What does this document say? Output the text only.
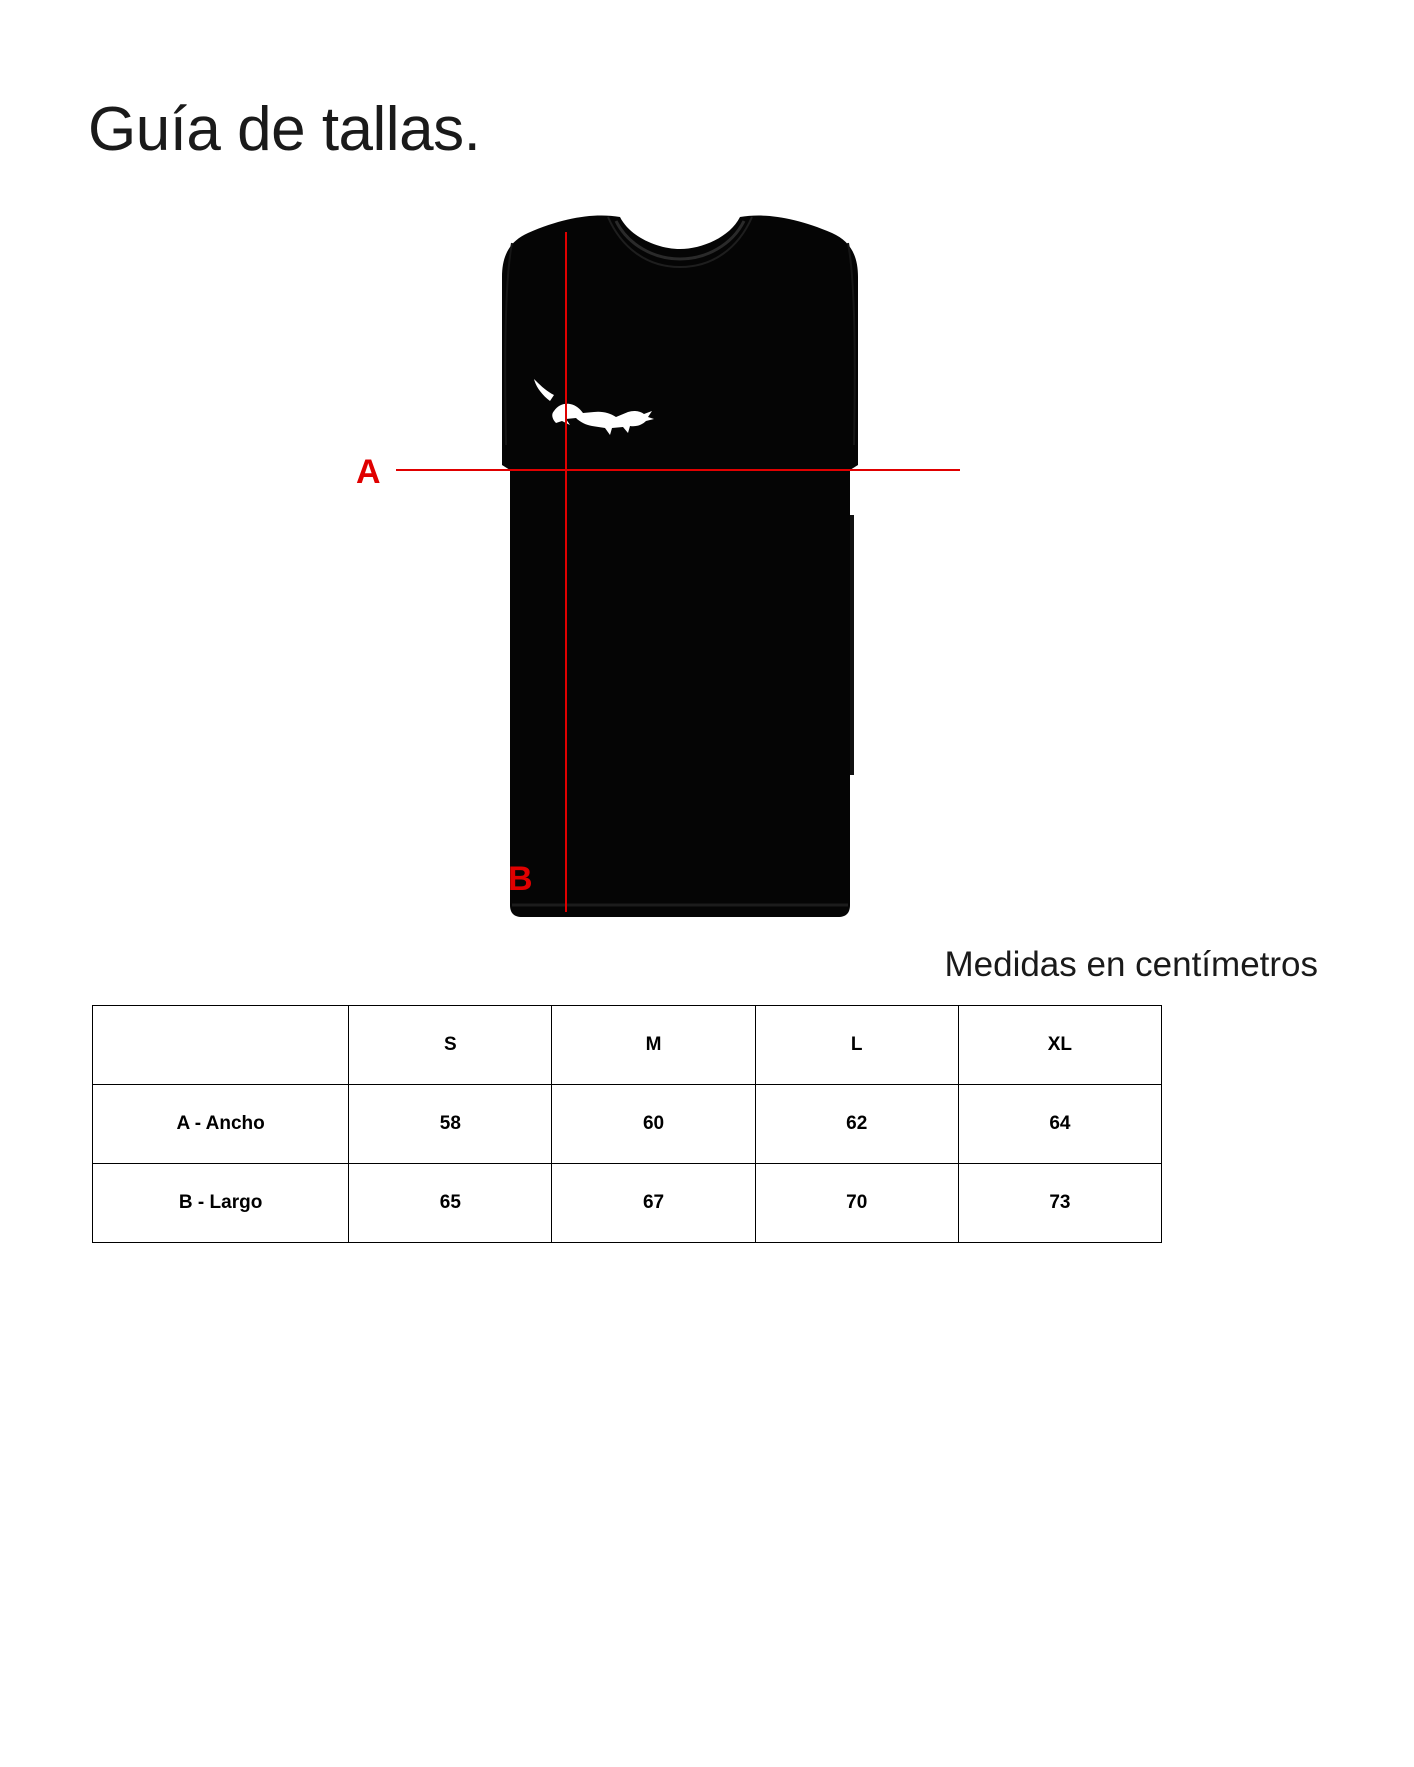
Guía de tallas.
A
B
Medidas en centímetros
	S	M	L	XL
A - Ancho	58	60	62	64
B - Largo	65	67	70	73
